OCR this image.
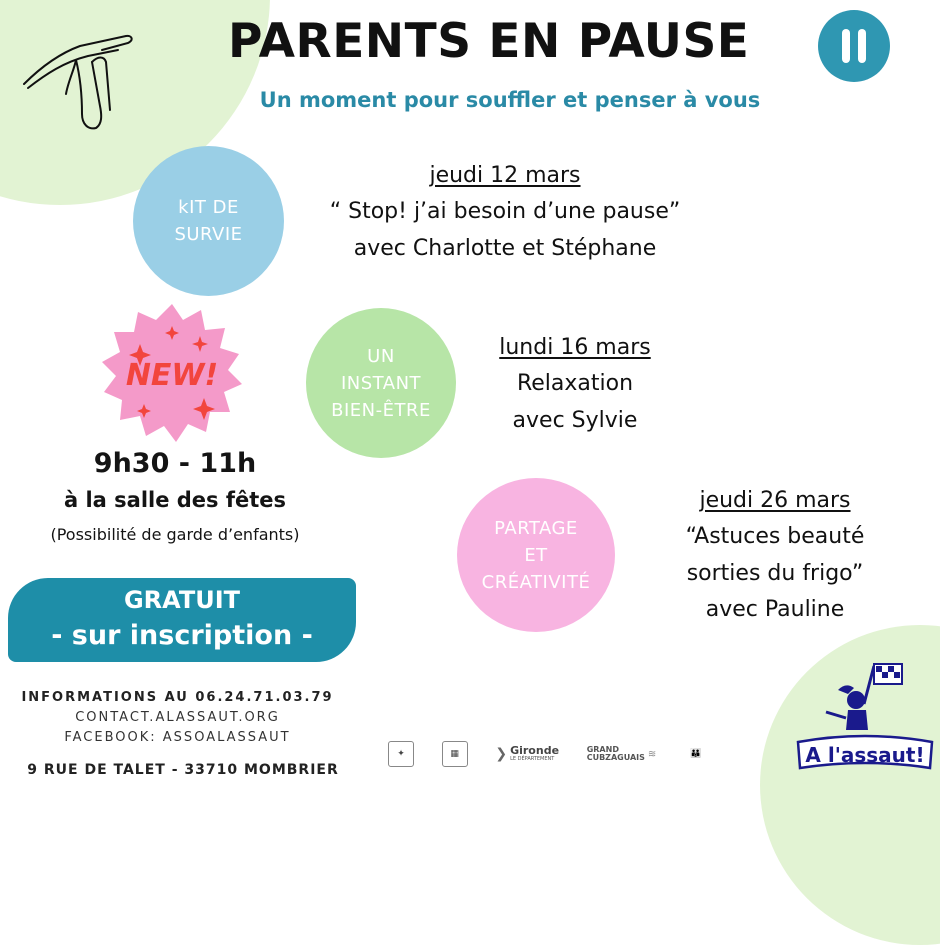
PARENTS EN PAUSE
Un moment pour souffler et penser à vous
kIT DE
SURVIE
jeudi 12 mars
“ Stop! j’ai besoin d’une pause”
avec Charlotte et Stéphane
NEW!
UN
INSTANT
BIEN-ÊTRE
lundi 16 mars
Relaxation
avec Sylvie
9h30 - 11h
à la salle des fêtes
(Possibilité de garde d’enfants)	PARTAGE
ET
CRÉATIVITÉ
jeudi 26 mars
“Astuces beauté
sorties du frigo”
avec Pauline
GRATUIT
- sur inscription -
INFORMATIONS AU 06.24.71.03.79
CONTACT.ALASSAUT.ORG
FACEBOOK: ASSOALASSAUT
9 RUE DE TALET - 33710 MOMBRIER
✦	▦	❯ Gironde
LE DÉPARTEMENT
GRAND
CUBZAGUAIS ≋	👪	A l'assaut!
